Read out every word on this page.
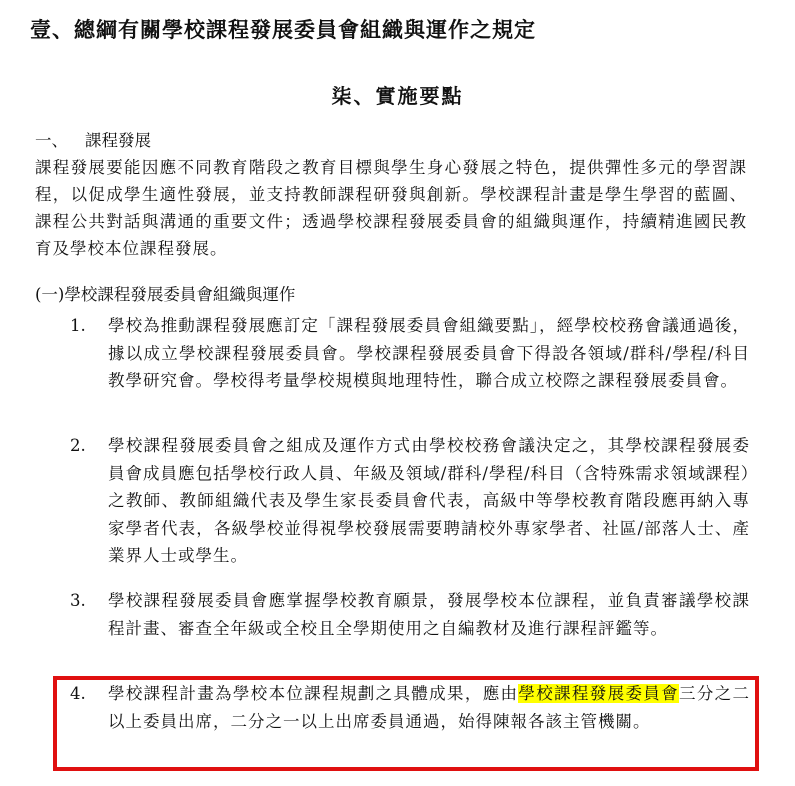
壹、總綱有關學校課程發展委員會組織與運作之規定
柒、實施要點
一、 課程發展
課程發展要能因應不同教育階段之教育目標與學生身心發展之特色，提供彈性多元的學習課程，以促成學生適性發展，並支持教師課程研發與創新。學校課程計畫是學生學習的藍圖、課程公共對話與溝通的重要文件；透過學校課程發展委員會的組織與運作，持續精進國民教育及學校本位課程發展。
(一)學校課程發展委員會組織與運作
1.	學校為推動課程發展應訂定「課程發展委員會組織要點」，經學校校務會議通過後，據以成立學校課程發展委員會。學校課程發展委員會下得設各領域/群科/學程/科目教學研究會。學校得考量學校規模與地理特性，聯合成立校際之課程發展委員會。
2.	學校課程發展委員會之組成及運作方式由學校校務會議決定之，其學校課程發展委員會成員應包括學校行政人員、年級及領域/群科/學程/科目（含特殊需求領域課程）之教師、教師組織代表及學生家長委員會代表，高級中等學校教育階段應再納入專家學者代表，各級學校並得視學校發展需要聘請校外專家學者、社區/部落人士、產業界人士或學生。
3.	學校課程發展委員會應掌握學校教育願景，發展學校本位課程，並負責審議學校課程計畫、審查全年級或全校且全學期使用之自編教材及進行課程評鑑等。
4.	學校課程計畫為學校本位課程規劃之具體成果，應由學校課程發展委員會三分之二以上委員出席，二分之一以上出席委員通過，始得陳報各該主管機關。
